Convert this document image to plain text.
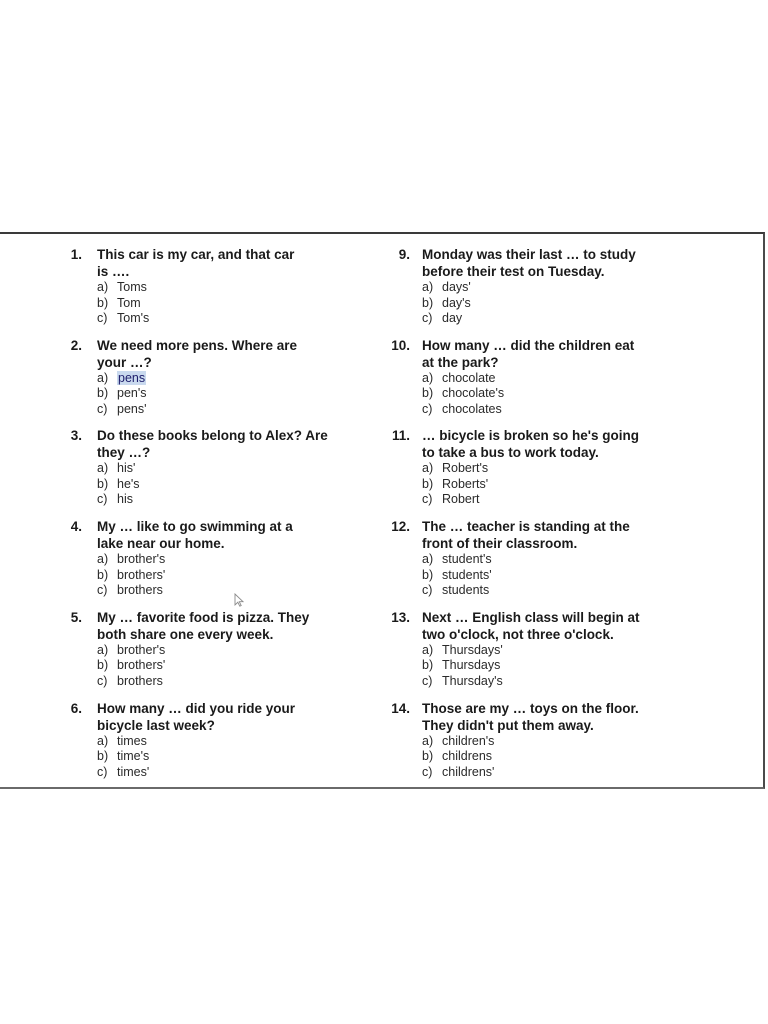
1. This car is my car, and that car
is ….
a) Toms
b) Tom
c) Tom's
2. We need more pens. Where are
your …?
a) pens
b) pen's
c) pens'
3. Do these books belong to Alex? Are
they …?
a) his'
b) he's
c) his
4. My … like to go swimming at a
lake near our home.
a) brother's
b) brothers'
c) brothers
5. My … favorite food is pizza. They
both share one every week.
a) brother's
b) brothers'
c) brothers
6. How many … did you ride your
bicycle last week?
a) times
b) time's
c) times'
9. Monday was their last … to study
before their test on Tuesday.
a) days'
b) day's
c) day
10. How many … did the children eat
at the park?
a) chocolate
b) chocolate's
c) chocolates
11. … bicycle is broken so he's going
to take a bus to work today.
a) Robert's
b) Roberts'
c) Robert
12. The … teacher is standing at the
front of their classroom.
a) student's
b) students'
c) students
13. Next … English class will begin at
two o'clock, not three o'clock.
a) Thursdays'
b) Thursdays
c) Thursday's
14. Those are my … toys on the floor.
They didn't put them away.
a) children's
b) childrens
c) childrens'
